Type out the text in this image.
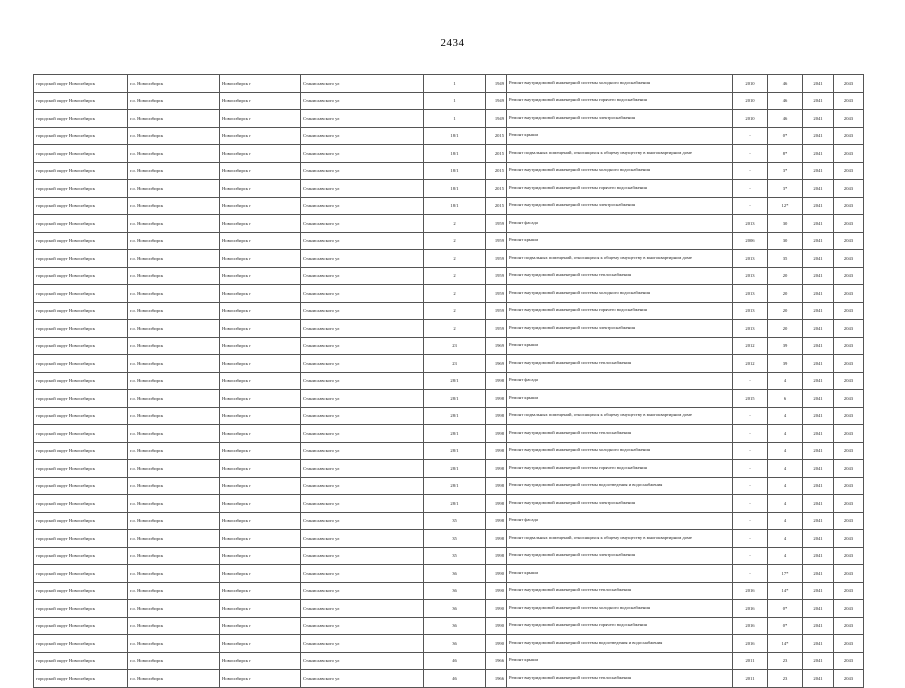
2434
городской округ Новосибирск	г.о. Новосибирск	Новосибирск г	Станиславского ул	1	1949	Ремонт внутридомовой инженерной системы холодного водоснабжения	2010	46	2041	2043
городской округ Новосибирск	г.о. Новосибирск	Новосибирск г	Станиславского ул	1	1949	Ремонт внутридомовой инженерной системы горячего водоснабжения	2010	46	2041	2043
городской округ Новосибирск	г.о. Новосибирск	Новосибирск г	Станиславского ул	1	1949	Ремонт внутридомовой инженерной системы электроснабжения	2010	46	2041	2043
городской округ Новосибирск	г.о. Новосибирск	Новосибирск г	Станиславского ул	18/1	2015	Ремонт крыши	-	0*	2041	2043
городской округ Новосибирск	г.о. Новосибирск	Новосибирск г	Станиславского ул	18/1	2015	Ремонт подвальных помещений, относящихся к общему имуществу в многоквартирном доме	-	8*	2041	2043
городской округ Новосибирск	г.о. Новосибирск	Новосибирск г	Станиславского ул	18/1	2015	Ремонт внутридомовой инженерной системы холодного водоснабжения	-	3*	2041	2043
городской округ Новосибирск	г.о. Новосибирск	Новосибирск г	Станиславского ул	18/1	2015	Ремонт внутридомовой инженерной системы горячего водоснабжения	-	3*	2041	2043
городской округ Новосибирск	г.о. Новосибирск	Новосибирск г	Станиславского ул	18/1	2015	Ремонт внутридомовой инженерной системы электроснабжения	-	12*	2041	2043
городской округ Новосибирск	г.о. Новосибирск	Новосибирск г	Станиславского ул	2	1959	Ремонт фасада	2013	30	2041	2043
городской округ Новосибирск	г.о. Новосибирск	Новосибирск г	Станиславского ул	2	1959	Ремонт крыши	2006	30	2041	2043
городской округ Новосибирск	г.о. Новосибирск	Новосибирск г	Станиславского ул	2	1959	Ремонт подвальных помещений, относящихся к общему имуществу в многоквартирном доме	2013	35	2041	2043
городской округ Новосибирск	г.о. Новосибирск	Новосибирск г	Станиславского ул	2	1959	Ремонт внутридомовой инженерной системы теплоснабжения	2013	20	2041	2043
городской округ Новосибирск	г.о. Новосибирск	Новосибирск г	Станиславского ул	2	1959	Ремонт внутридомовой инженерной системы холодного водоснабжения	2013	20	2041	2043
городской округ Новосибирск	г.о. Новосибирск	Новосибирск г	Станиславского ул	2	1959	Ремонт внутридомовой инженерной системы горячего водоснабжения	2013	20	2041	2043
городской округ Новосибирск	г.о. Новосибирск	Новосибирск г	Станиславского ул	2	1959	Ремонт внутридомовой инженерной системы электроснабжения	2013	20	2041	2043
городской округ Новосибирск	г.о. Новосибирск	Новосибирск г	Станиславского ул	23	1969	Ремонт крыши	2012	39	2041	2043
городской округ Новосибирск	г.о. Новосибирск	Новосибирск г	Станиславского ул	23	1969	Ремонт внутридомовой инженерной системы теплоснабжения	2012	39	2041	2043
городской округ Новосибирск	г.о. Новосибирск	Новосибирск г	Станиславского ул	28/1	1998	Ремонт фасада	-	4	2041	2043
городской округ Новосибирск	г.о. Новосибирск	Новосибирск г	Станиславского ул	28/1	1998	Ремонт крыши	2015	6	2041	2043
городской округ Новосибирск	г.о. Новосибирск	Новосибирск г	Станиславского ул	28/1	1998	Ремонт подвальных помещений, относящихся к общему имуществу в многоквартирном доме	-	4	2041	2043
городской округ Новосибирск	г.о. Новосибирск	Новосибирск г	Станиславского ул	28/1	1998	Ремонт внутридомовой инженерной системы теплоснабжения	-	4	2041	2043
городской округ Новосибирск	г.о. Новосибирск	Новосибирск г	Станиславского ул	28/1	1998	Ремонт внутридомовой инженерной системы холодного водоснабжения	-	4	2041	2043
городской округ Новосибирск	г.о. Новосибирск	Новосибирск г	Станиславского ул	28/1	1998	Ремонт внутридомовой инженерной системы горячего водоснабжения	-	4	2041	2043
городской округ Новосибирск	г.о. Новосибирск	Новосибирск г	Станиславского ул	28/1	1998	Ремонт внутридомовой инженерной системы водоотведения и водоснабжения	-	4	2041	2043
городской округ Новосибирск	г.о. Новосибирск	Новосибирск г	Станиславского ул	28/1	1998	Ремонт внутридомовой инженерной системы электроснабжения	-	4	2041	2043
городской округ Новосибирск	г.о. Новосибирск	Новосибирск г	Станиславского ул	35	1998	Ремонт фасада	-	4	2041	2043
городской округ Новосибирск	г.о. Новосибирск	Новосибирск г	Станиславского ул	35	1998	Ремонт подвальных помещений, относящихся к общему имуществу в многоквартирном доме	-	4	2041	2043
городской округ Новосибирск	г.о. Новосибирск	Новосибирск г	Станиславского ул	35	1998	Ремонт внутридомовой инженерной системы электроснабжения	-	4	2041	2043
городской округ Новосибирск	г.о. Новосибирск	Новосибирск г	Станиславского ул	36	1990	Ремонт крыши	-	17*	2041	2043
городской округ Новосибирск	г.о. Новосибирск	Новосибирск г	Станиславского ул	36	1990	Ремонт внутридомовой инженерной системы теплоснабжения	2016	14*	2041	2043
городской округ Новосибирск	г.о. Новосибирск	Новосибирск г	Станиславского ул	36	1990	Ремонт внутридомовой инженерной системы холодного водоснабжения	2016	0*	2041	2043
городской округ Новосибирск	г.о. Новосибирск	Новосибирск г	Станиславского ул	36	1990	Ремонт внутридомовой инженерной системы горячего водоснабжения	2016	0*	2041	2043
городской округ Новосибирск	г.о. Новосибирск	Новосибирск г	Станиславского ул	36	1990	Ремонт внутридомовой инженерной системы водоотведения и водоснабжения	2016	14*	2041	2043
городской округ Новосибирск	г.о. Новосибирск	Новосибирск г	Станиславского ул	46	1966	Ремонт крыши	2011	23	2041	2043
городской округ Новосибирск	г.о. Новосибирск	Новосибирск г	Станиславского ул	46	1966	Ремонт внутридомовой инженерной системы теплоснабжения	2011	23	2041	2043
